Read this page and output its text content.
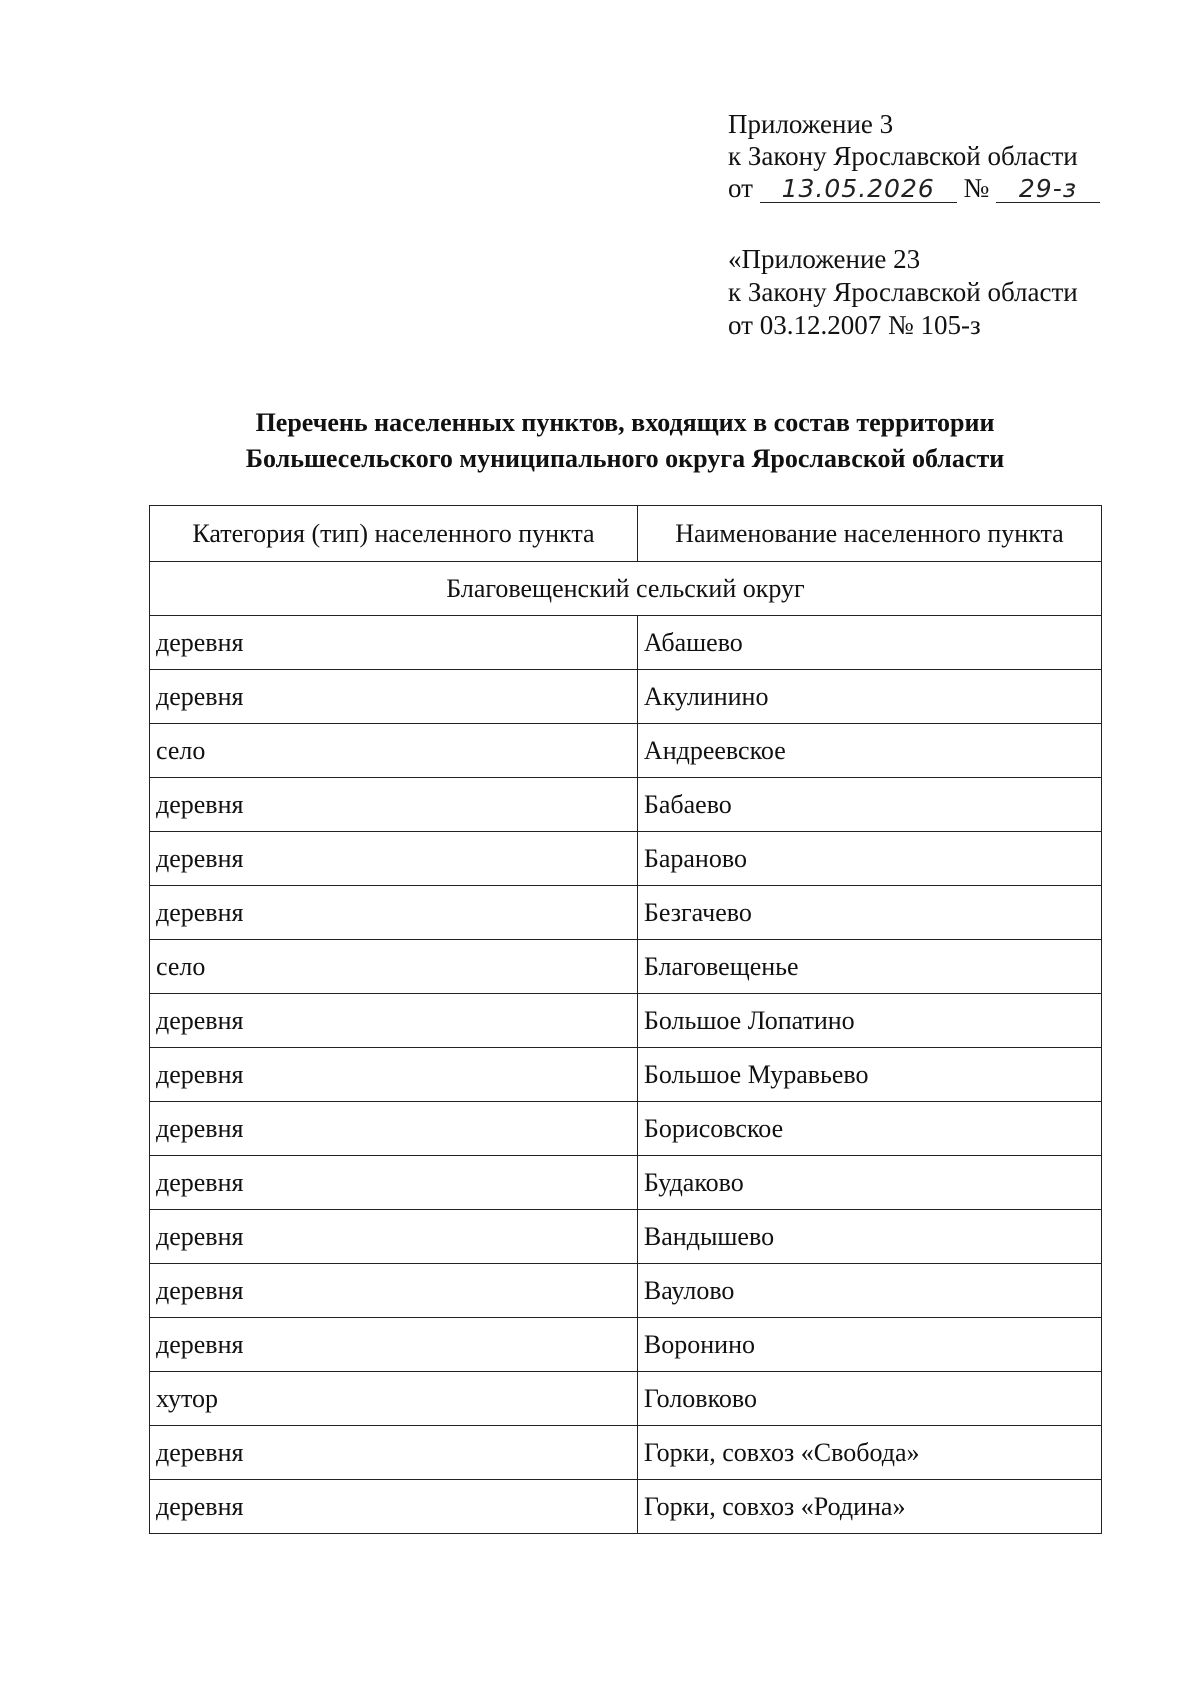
Приложение 3
к Закону Ярославской области
от 13.05.2026 № 29-з
«Приложение 23
к Закону Ярославской области
от 03.12.2007 № 105-з
Перечень населенных пунктов, входящих в состав территории
Большесельского муниципального округа Ярославской области
Категория (тип) населенного пункта	Наименование населенного пункта
Благовещенский сельский округ	
деревня	Абашево
деревня	Акулинино
село	Андреевское
деревня	Бабаево
деревня	Бараново
деревня	Безгачево
село	Благовещенье
деревня	Большое Лопатино
деревня	Большое Муравьево
деревня	Борисовское
деревня	Будаково
деревня	Вандышево
деревня	Ваулово
деревня	Воронино
хутор	Головково
деревня	Горки, совхоз «Свобода»
деревня	Горки, совхоз «Родина»
